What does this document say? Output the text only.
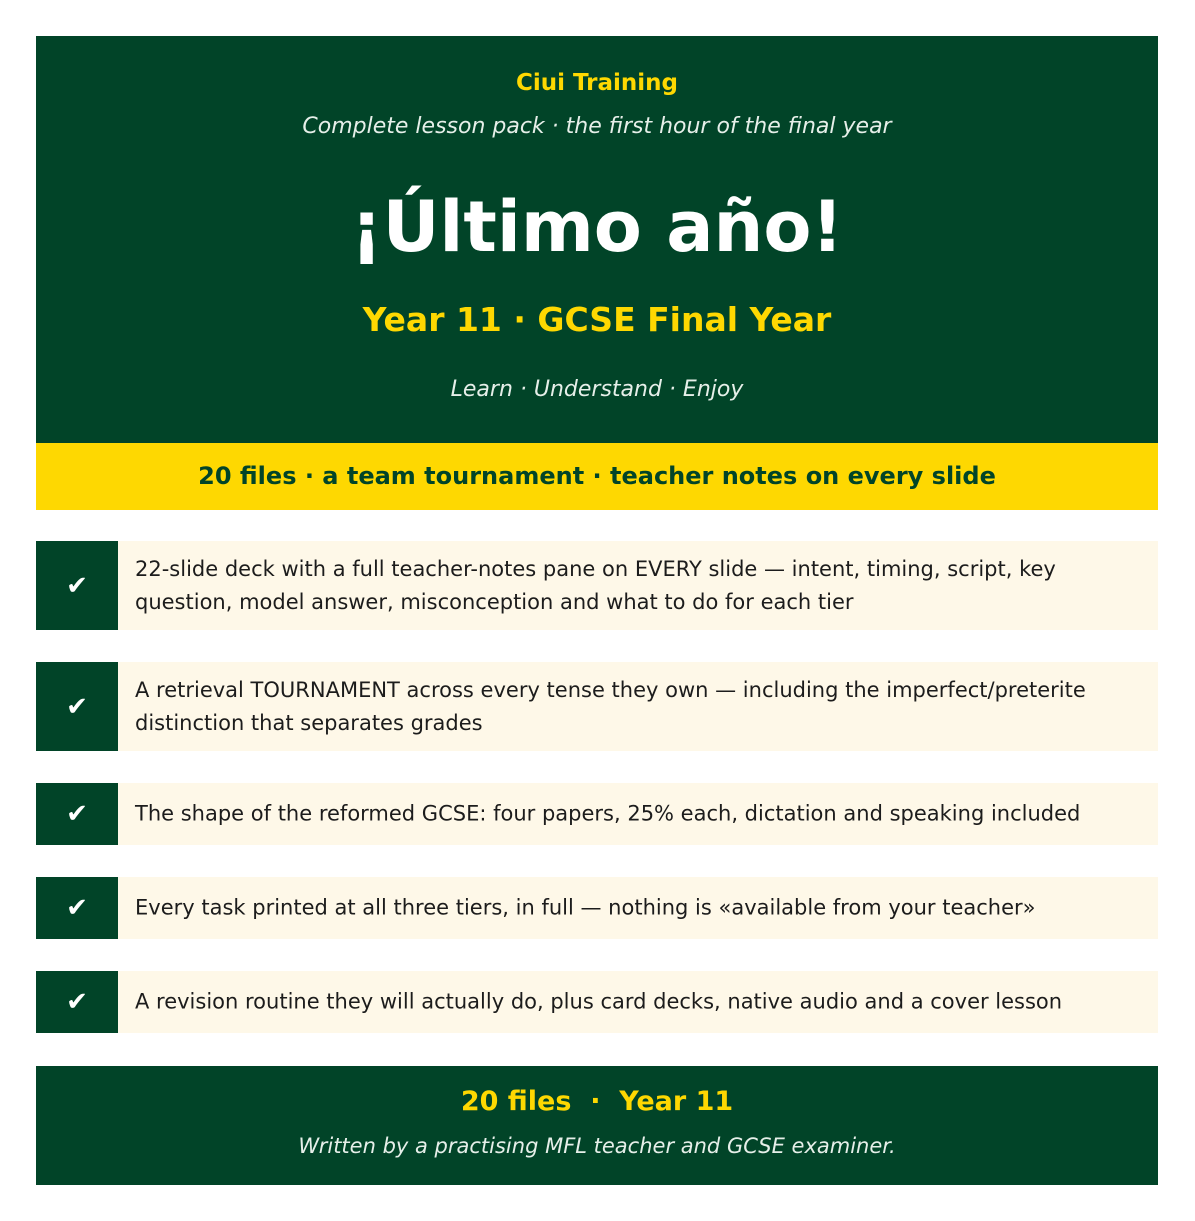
Ciui Training
Complete lesson pack · the first hour of the final year
¡Último año!
Year 11 · GCSE Final Year
Learn · Understand · Enjoy
20 files · a team tournament · teacher notes on every slide
✔
22-slide deck with a full teacher-notes pane on EVERY slide — intent, timing, script, key question, model answer, misconception and what to do for each tier
✔
A retrieval TOURNAMENT across every tense they own — including the imperfect/preterite distinction that separates grades
✔	The shape of the reformed GCSE: four papers, 25% each, dictation and speaking included
✔	Every task printed at all three tiers, in full — nothing is «available from your teacher»
✔	A revision routine they will actually do, plus card decks, native audio and a cover lesson
20 files  ·  Year 11
Written by a practising MFL teacher and GCSE examiner.
